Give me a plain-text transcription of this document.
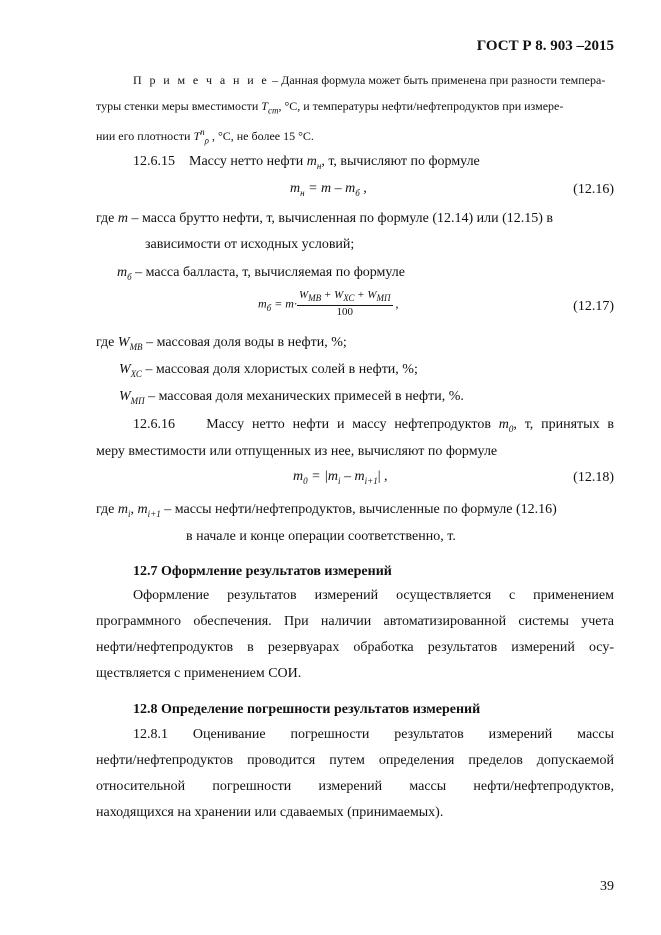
ГОСТ Р 8. 903 –2015
П р и м е ч а н и е – Данная формула может быть применена при разности темпера-
туры стенки меры вместимости $T_{ст}$, °С, и температуры нефти/нефтепродуктов при измере-
нии его плотности $T^п_\rho$ , °С, не более 15 °С.
12.6.15 Массу нетто нефти $m_н$, т, вычисляют по формуле
$m_н = m - m_б$ ,	(12.16)
где m – масса брутто нефти, т, вычисленная по формуле (12.14) или (12.15) в
зависимости от исходных условий;
$m_б$ – масса балласта, т, вычисляемая по формуле
$m_б = m\cdot \frac{W_{МВ} + W_{ХС} + W_{МП}}{100}$ ,	(12.17)
где $W_{МВ}$ – массовая доля воды в нефти, %;
$W_{ХС}$ – массовая доля хлористых солей в нефти, %;
$W_{МП}$ – массовая доля механических примесей в нефти, %.
12.6.16 Массу нетто нефти и массу нефтепродуктов $m_0$, т, принятых в
меру вместимости или отпущенных из нее, вычисляют по формуле
$m_0 = |m_i - m_{i+1}|$ ,	(12.18)
где $m_i$, $m_{i+1}$ – массы нефти/нефтепродуктов, вычисленные по формуле (12.16)
в начале и конце операции соответственно, т.
12.7 Оформление результатов измерений
Оформление результатов измерений осуществляется с применением
программного обеспечения. При наличии автоматизированной системы учета
нефти/нефтепродуктов в резервуарах обработка результатов измерений осу-
ществляется с применением СОИ.
12.8 Определение погрешности результатов измерений
12.8.1 Оценивание погрешности результатов измерений массы
нефти/нефтепродуктов проводится путем определения пределов допускаемой
относительной погрешности измерений массы нефти/нефтепродуктов,
находящихся на хранении или сдаваемых (принимаемых).
39
